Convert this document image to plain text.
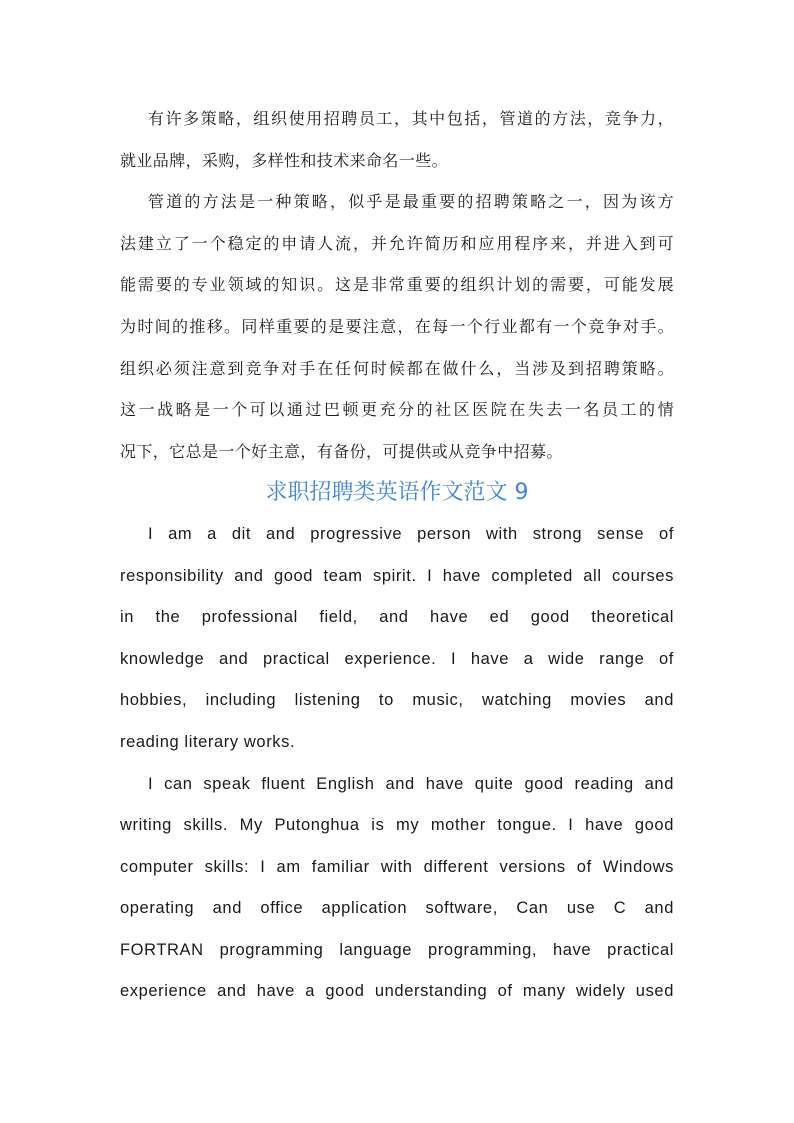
有许多策略，组织使用招聘员工，其中包括，管道的方法，竞争力，
就业品牌，采购，多样性和技术来命名一些。
管道的方法是一种策略，似乎是最重要的招聘策略之一，因为该方
法建立了一个稳定的申请人流，并允许简历和应用程序来，并进入到可
能需要的专业领域的知识。这是非常重要的组织计划的需要，可能发展
为时间的推移。同样重要的是要注意，在每一个行业都有一个竞争对手。
组织必须注意到竞争对手在任何时候都在做什么，当涉及到招聘策略。
这一战略是一个可以通过巴顿更充分的社区医院在失去一名员工的情
况下，它总是一个好主意，有备份，可提供或从竞争中招募。
求职招聘类英语作文范文 9
I am a dit and progressive person with strong sense of
responsibility and good team spirit. I have completed all courses
in the professional field, and have ed good theoretical
knowledge and practical experience. I have a wide range of
hobbies, including listening to music, watching movies and
reading literary works.
I can speak fluent English and have quite good reading and
writing skills. My Putonghua is my mother tongue. I have good
computer skills: I am familiar with different versions of Windows
operating and office application software, Can use C and
FORTRAN programming language programming, have practical
experience and have a good understanding of many widely used
